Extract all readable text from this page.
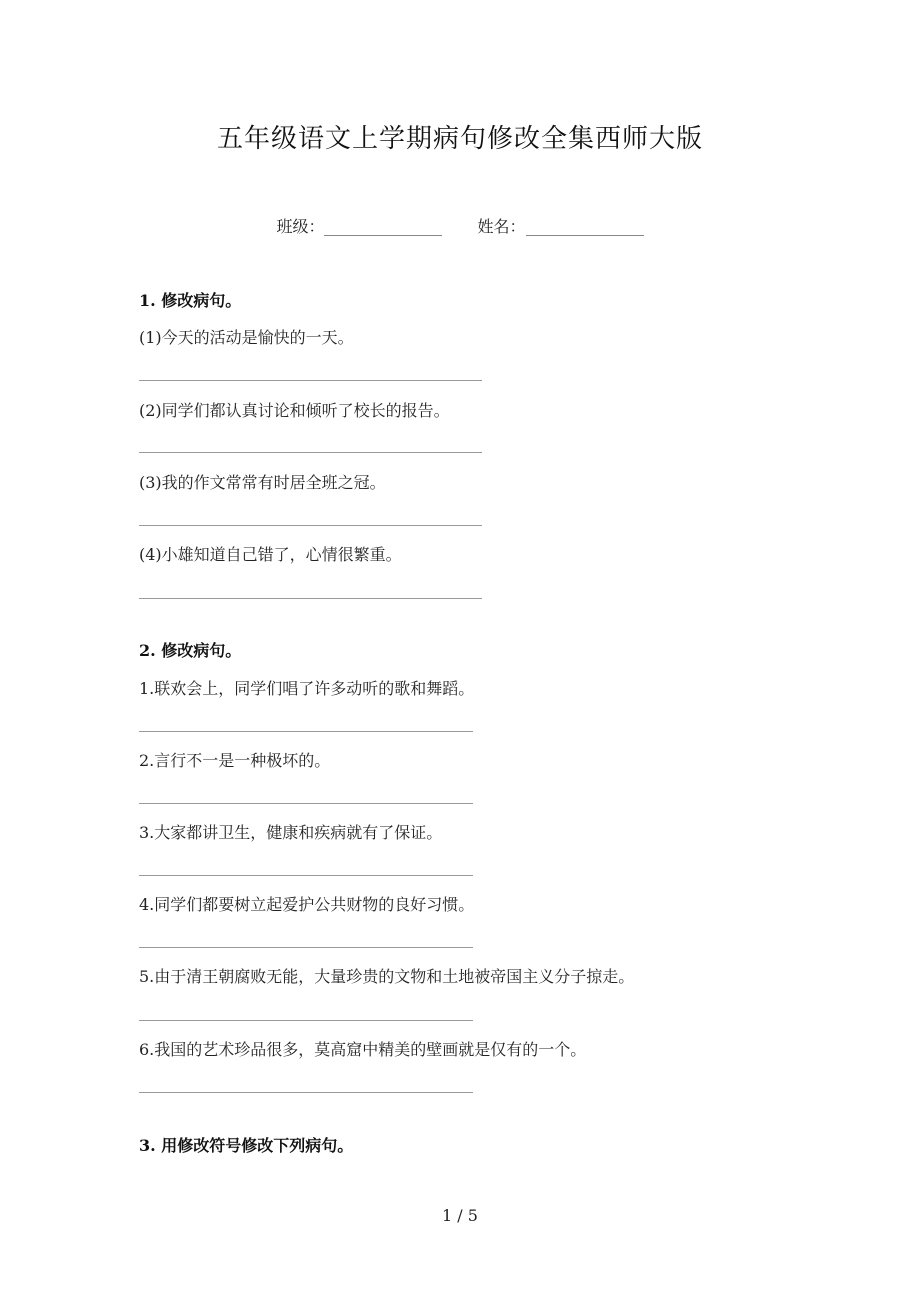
五年级语文上学期病句修改全集西师大版
班级：	姓名：
1. 修改病句。
(1)今天的活动是愉快的一天。
(2)同学们都认真讨论和倾听了校长的报告。
(3)我的作文常常有时居全班之冠。
(4)小雄知道自己错了，心情很繁重。
2. 修改病句。
1.联欢会上，同学们唱了许多动听的歌和舞蹈。
2.言行不一是一种极坏的。
3.大家都讲卫生，健康和疾病就有了保证。
4.同学们都要树立起爱护公共财物的良好习惯。
5.由于清王朝腐败无能，大量珍贵的文物和土地被帝国主义分子掠走。
6.我国的艺术珍品很多，莫高窟中精美的壁画就是仅有的一个。
3. 用修改符号修改下列病句。
1 / 5
